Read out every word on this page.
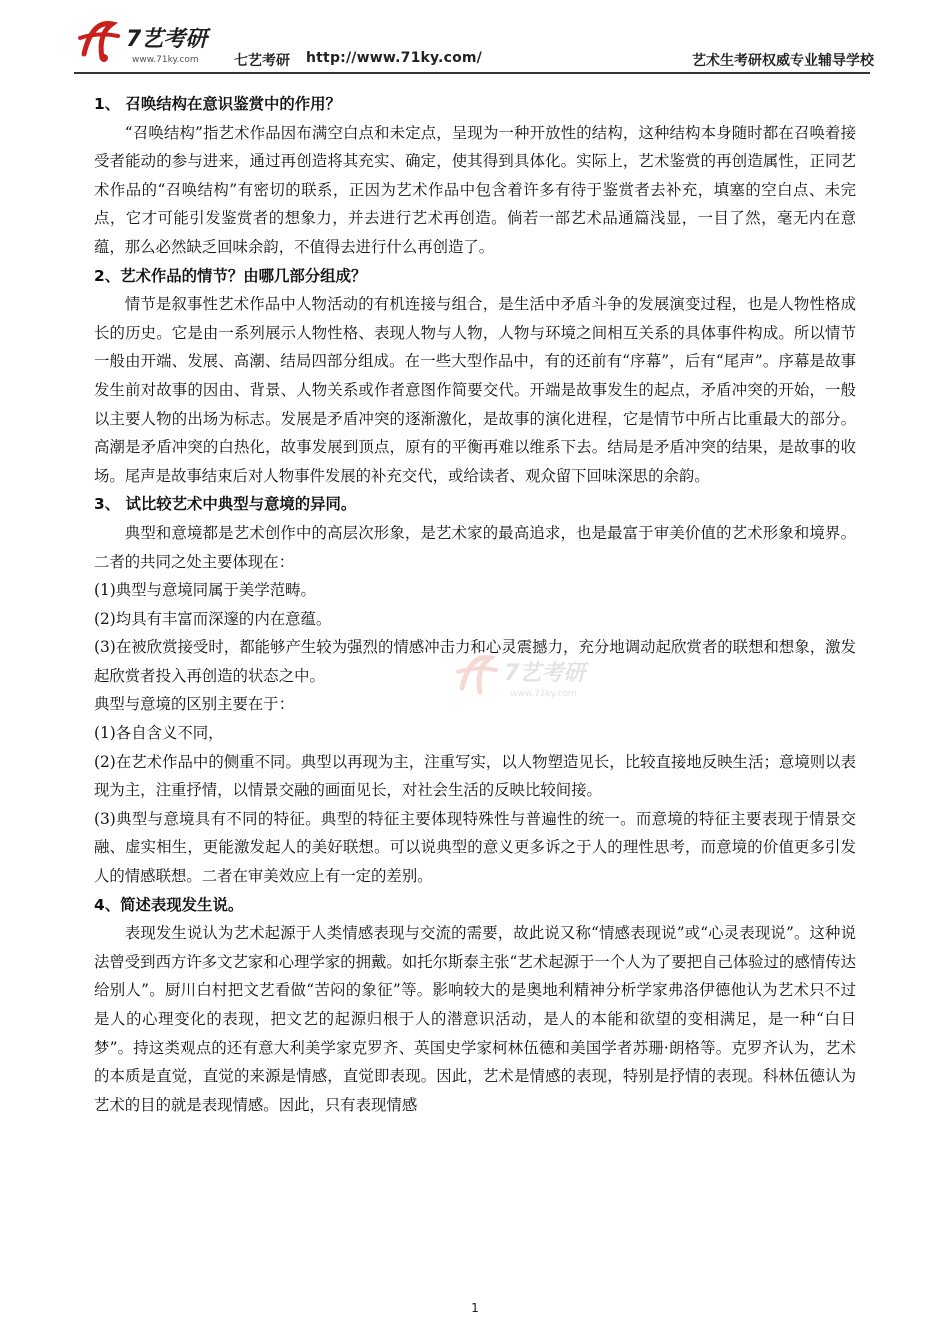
7艺考研
www.71ky.com	七艺考研 http://www.71ky.com/	艺术生考研权威专业辅导学校
7艺考研
www.71ky.com

1、 召唤结构在意识鉴赏中的作用？

“召唤结构”指艺术作品因布满空白点和未定点，呈现为一种开放性的结构，这种结构本身随时都在召唤着接受者能动的参与进来，通过再创造将其充实、确定，使其得到具体化。实际上，艺术鉴赏的再创造属性，正同艺术作品的“召唤结构”有密切的联系，正因为艺术作品中包含着许多有待于鉴赏者去补充，填塞的空白点、未完点，它才可能引发鉴赏者的想象力，并去进行艺术再创造。倘若一部艺术品通篇浅显，一目了然，毫无内在意蕴，那么必然缺乏回味余韵，不值得去进行什么再创造了。

2、艺术作品的情节？由哪几部分组成？

情节是叙事性艺术作品中人物活动的有机连接与组合，是生活中矛盾斗争的发展演变过程，也是人物性格成长的历史。它是由一系列展示人物性格、表现人物与人物，人物与环境之间相互关系的具体事件构成。所以情节一般由开端、发展、高潮、结局四部分组成。在一些大型作品中，有的还前有“序幕”，后有“尾声”。序幕是故事发生前对故事的因由、背景、人物关系或作者意图作简要交代。开端是故事发生的起点，矛盾冲突的开始，一般以主要人物的出场为标志。发展是矛盾冲突的逐渐激化，是故事的演化进程，它是情节中所占比重最大的部分。高潮是矛盾冲突的白热化，故事发展到顶点，原有的平衡再难以维系下去。结局是矛盾冲突的结果，是故事的收场。尾声是故事结束后对人物事件发展的补充交代，或给读者、观众留下回味深思的余韵。

3、 试比较艺术中典型与意境的异同。

典型和意境都是艺术创作中的高层次形象，是艺术家的最高追求，也是最富于审美价值的艺术形象和境界。二者的共同之处主要体现在：

(1)典型与意境同属于美学范畴。

(2)均具有丰富而深邃的内在意蕴。

(3)在被欣赏接受时，都能够产生较为强烈的情感冲击力和心灵震撼力，充分地调动起欣赏者的联想和想象，激发起欣赏者投入再创造的状态之中。

典型与意境的区别主要在于：

(1)各自含义不同，

(2)在艺术作品中的侧重不同。典型以再现为主，注重写实，以人物塑造见长，比较直接地反映生活；意境则以表现为主，注重抒情，以情景交融的画面见长，对社会生活的反映比较间接。

(3)典型与意境具有不同的特征。典型的特征主要体现特殊性与普遍性的统一。而意境的特征主要表现于情景交融、虚实相生，更能激发起人的美好联想。可以说典型的意义更多诉之于人的理性思考，而意境的价值更多引发人的情感联想。二者在审美效应上有一定的差别。

4、简述表现发生说。

表现发生说认为艺术起源于人类情感表现与交流的需要，故此说又称“情感表现说”或“心灵表现说”。这种说法曾受到西方许多文艺家和心理学家的拥戴。如托尔斯泰主张“艺术起源于一个人为了要把自己体验过的感情传达给别人”。厨川白村把文艺看做“苦闷的象征”等。影响较大的是奥地利精神分析学家弗洛伊德他认为艺术只不过是人的心理变化的表现，把文艺的起源归根于人的潜意识活动，是人的本能和欲望的变相满足，是一种“白日梦”。持这类观点的还有意大利美学家克罗齐、英国史学家柯林伍德和美国学者苏珊·朗格等。克罗齐认为，艺术的本质是直觉，直觉的来源是情感，直觉即表现。因此，艺术是情感的表现，特别是抒情的表现。科林伍德认为艺术的目的就是表现情感。因此，只有表现情感

1
